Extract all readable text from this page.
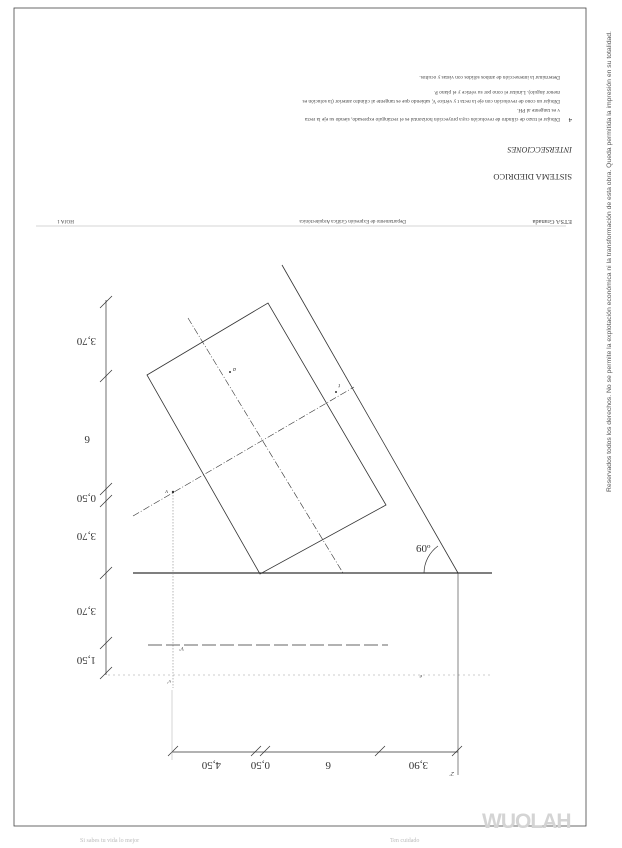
ETSA Granada
Departamento de Expresión Gráfica Arquitectónica
HOJA 1
SISTEMA DIEDRICO
INTERSECCIONES
4
Dibujar el trazo de cilindro de revolución cuya proyección horizontal es el rectángulo expresado, siendo su eje la recta
v es tangente al PH.
Dibujar un cono de revolución con eje la recta t y vértice V, sabiendo que es tangente al cilindro anterior (la solución es
menor ángulo). Limitar el cono por su vértice y el plano P.
Determinar la intersección de ambos sólidos con vistas y ocultos.
60º
a
t
v
V'
v'
e
2'
3,70
6
0,50
3,70
3,70
1,50
4,50	0,50	6	3,90
Reservados todos los derechos. No se permite la explotación económica ni la transformación de esta obra. Queda permitida la impresión en su totalidad.
WUOLAH
Si sabes tu vida lo mejor	Ten cuidado
